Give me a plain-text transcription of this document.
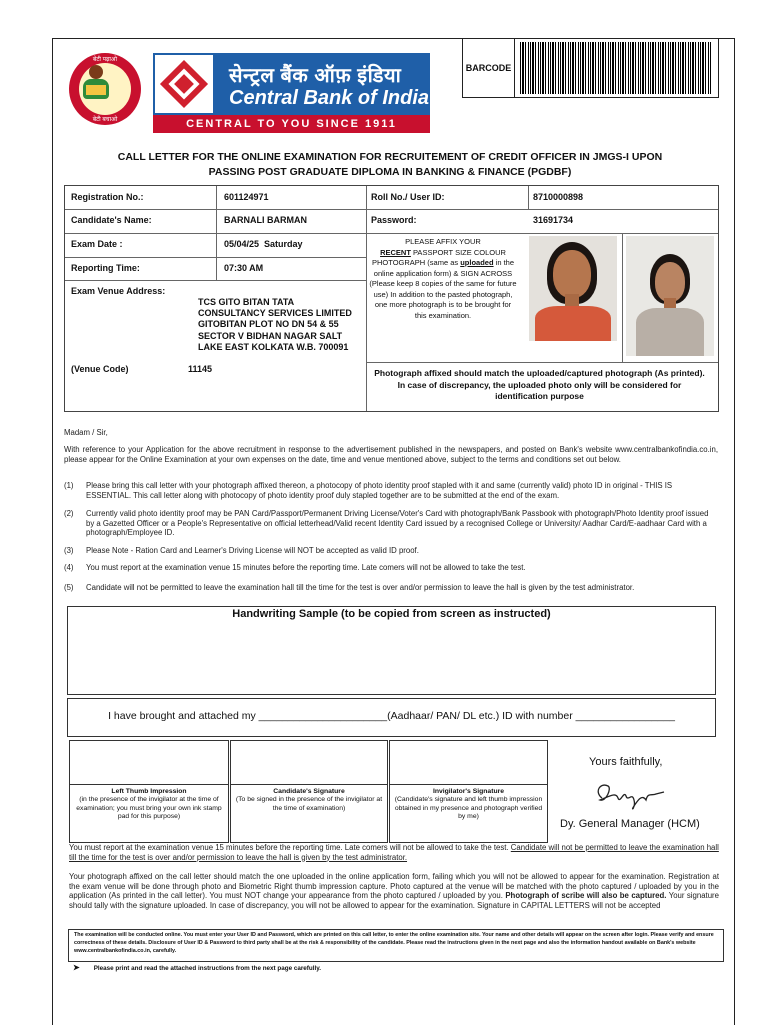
बेटी पढ़ाओ
बेटी बचाओ
सेन्ट्रल बैंक ऑफ़ इंडिया
Central Bank of India
CENTRAL TO YOU SINCE 1911
BARCODE
CALL LETTER FOR THE ONLINE EXAMINATION FOR RECRUITEMENT OF CREDIT OFFICER IN JMGS-I UPON
PASSING POST GRADUATE DIPLOMA IN BANKING & FINANCE (PGDBF)
Registration No.:	601124971	Roll No./ User ID:	8710000898
Candidate's Name:	BARNALI BARMAN	Password:	31691734
Exam Date :	05/04/25  Saturday
Reporting Time:	07:30 AM
Exam Venue Address:
TCS GITO BITAN TATA
CONSULTANCY SERVICES LIMITED
GITOBITAN PLOT NO DN 54 & 55
SECTOR V BIDHAN NAGAR SALT
LAKE EAST KOLKATA W.B. 700091
(Venue Code)	11145
PLEASE AFFIX YOUR
RECENT PASSPORT SIZE COLOUR PHOTOGRAPH (same as uploaded in the online application form) & SIGN ACROSS (Please keep 8 copies of the same for future use) In addition to the pasted photograph, one more photograph is to be brought for this examination.
Photograph affixed should match the uploaded/captured photograph (As printed). In case of discrepancy, the uploaded photo only will be considered for identification purpose
Madam / Sir,
With reference to your Application for the above recruitment in response to the advertisement published in the newspapers, and posted on Bank's website www.centralbankofindia.co.in, please appear for the Online Examination at your own expenses on the date, time and venue mentioned above, subject to the terms and conditions set out below.
(1) Please bring this call letter with your photograph affixed thereon, a photocopy of photo identity proof stapled with it and same (currently valid) photo ID in original - THIS IS ESSENTIAL. This call letter along with photocopy of photo identity proof duly stapled together are to be submitted at the end of the exam.
(2) Currently valid photo identity proof may be PAN Card/Passport/Permanent Driving License/Voter's Card with photograph/Bank Passbook with photograph/Photo Identity proof issued by a Gazetted Officer or a People's Representative on official letterhead/Valid recent Identity Card issued by a recognised College or University/ Aadhar Card/E-aadhaar Card with a photograph/Employee ID.
(3) Please Note - Ration Card and Learner's Driving License will NOT be accepted as valid ID proof.
(4) You must report at the examination venue 15 minutes before the reporting time. Late comers will not be allowed to take the test.
(5) Candidate will not be permitted to leave the examination hall till the time for the test is over and/or permission to leave the hall is given by the test administrator.
Handwriting Sample (to be copied from screen as instructed)
I have brought and attached my ______________________(Aadhaar/ PAN/ DL etc.) ID with number _________________
Left Thumb Impression
(in the presence of the invigilator at the time of examination; you must bring your own ink stamp pad for this purpose)
Candidate's Signature
(To be signed in the presence of the invigilator at the time of examination)
Invigilator's Signature
(Candidate's signature and left thumb impression obtained in my presence and photograph verified by me)
Yours faithfully,
Dy. General Manager (HCM)
You must report at the examination venue 15 minutes before the reporting time. Late comers will not be allowed to take the test. Candidate will not be permitted to leave the examination hall till the time for the test is over and/or permission to leave the hall is given by the test administrator.
Your photograph affixed on the call letter should match the one uploaded in the online application form, failing which you will not be allowed to appear for the examination. Registration at the exam venue will be done through photo and Biometric Right thumb impression capture. Photo captured at the venue will be matched with the photo captured / uploaded by you in the application (As printed in the call letter). You must NOT change your appearance from the photo captured / uploaded by you. Photograph of scribe will also be captured. Your signature should tally with the signature uploaded. In case of discrepancy, you will not be allowed to appear for the examination. Signature in CAPITAL LETTERS will not be accepted
The examination will be conducted online. You must enter your User ID and Password, which are printed on this call letter, to enter the online examination site. Your name and other details will appear on the screen after login. Please verify and ensure correctness of these details. Disclosure of User ID & Password to third party shall be at the risk & responsibility of the candidate. Please read the instructions given in the next page and also the information handout available on Bank's website www.centralbankofindia.co.in, carefully.
➤ Please print and read the attached instructions from the next page carefully.
